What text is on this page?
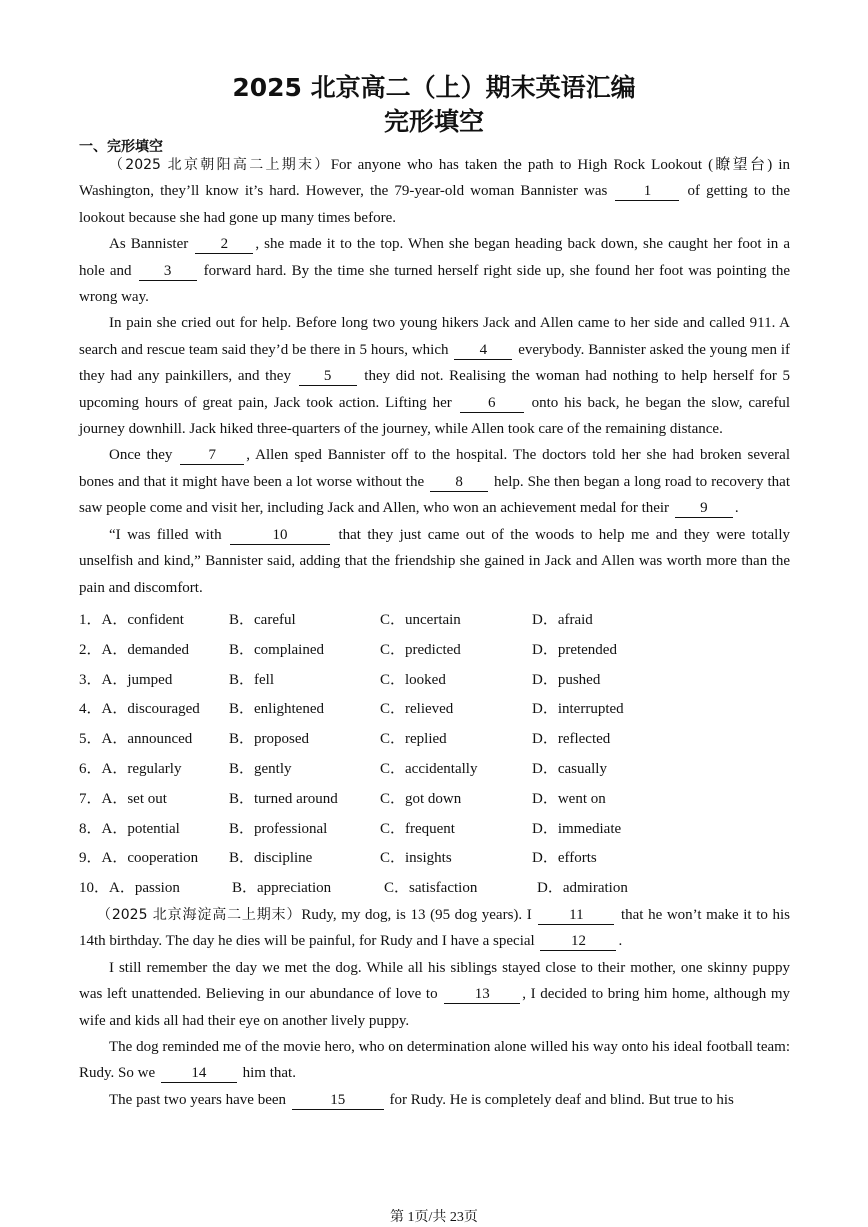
2025 北京高二（上）期末英语汇编
完形填空
一、完形填空

（2025 北京朝阳高二上期末）For anyone who has taken the path to High Rock Lookout (瞭望台) in Washington, they’ll know it’s hard. However, the 79-year-old woman Bannister was 1 of getting to the lookout because she had gone up many times before.

As Bannister 2 , she made it to the top. When she began heading back down, she caught her foot in a hole and 3 forward hard. By the time she turned herself right side up, she found her foot was pointing the wrong way.

In pain she cried out for help. Before long two young hikers Jack and Allen came to her side and called 911. A search and rescue team said they’d be there in 5 hours, which 4 everybody. Bannister asked the young men if they had any painkillers, and they 5 they did not. Realising the woman had nothing to help herself for 5 upcoming hours of great pain, Jack took action. Lifting her 6 onto his back, he began the slow, careful journey downhill. Jack hiked three-quarters of the journey, while Allen took care of the remaining distance.

Once they 7 , Allen sped Bannister off to the hospital. The doctors told her she had broken several bones and that it might have been a lot worse without the 8 help. She then began a long road to recovery that saw people come and visit her, including Jack and Allen, who won an achievement medal for their 9 .

“I was filled with	10	that they just came out of the woods to help me and they were totally unselfish and kind,” Bannister said, adding that the friendship she gained in Jack and Allen was worth more than the pain and discomfort.

1．A．confident	B．careful	C．uncertain	D．afraid
2．A．demanded	B．complained	C．predicted	D．pretended
3．A．jumped	B．fell	C．looked	D．pushed
4．A．discouraged B．enlightened	C．relieved	D．interrupted
5．A．announced B．proposed	C．replied	D．reflected
6．A．regularly	B．gently	C．accidentally	D．casually
7．A．set out	B．turned around	C．got down	D．went on
8．A．potential	B．professional	C．frequent	D．immediate
9．A．cooperation B．discipline	C．insights	D．efforts
10．A．passion	B．appreciation	C．satisfaction	D．admiration

（2025 北京海淀高二上期末）Rudy, my dog, is 13 (95 dog years). I 11 that he won’t make it to his 14th birthday. The day he dies will be painful, for Rudy and I have a special 12 .

I still remember the day we met the dog. While all his siblings stayed close to their mother, one skinny puppy was left unattended. Believing in our abundance of love to 13 , I decided to bring him home, although my wife and kids all had their eye on another lively puppy.

The dog reminded me of the movie hero, who on determination alone willed his way onto his ideal football team: Rudy. So we 14 him that.

The past two years have been	15	for Rudy. He is completely deaf and blind. But true to his

第 1页/共 23页
